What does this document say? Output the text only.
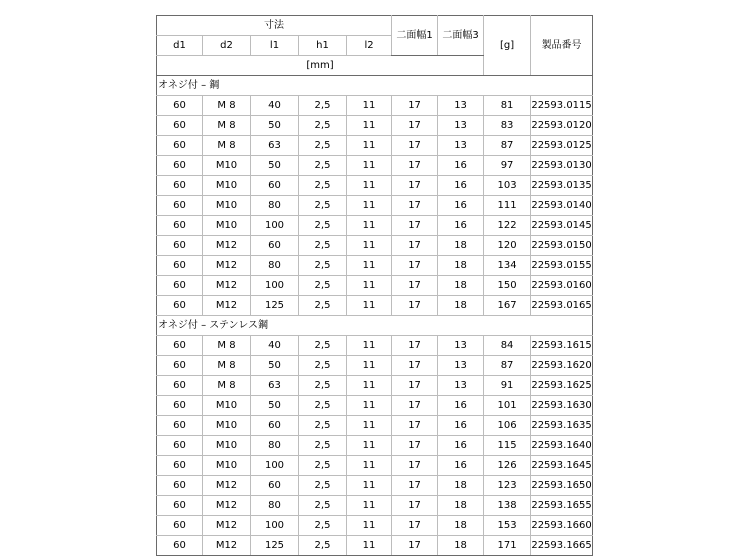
寸法					二面幅1	二面幅3	[g]	製品番号
d1	d2	l1	h1	l2				
[mm]								
オネジ付 – 鋼								
60	M 8	40	2,5	11	17	13	81	22593.0115
60	M 8	50	2,5	11	17	13	83	22593.0120
60	M 8	63	2,5	11	17	13	87	22593.0125
60	M10	50	2,5	11	17	16	97	22593.0130
60	M10	60	2,5	11	17	16	103	22593.0135
60	M10	80	2,5	11	17	16	111	22593.0140
60	M10	100	2,5	11	17	16	122	22593.0145
60	M12	60	2,5	11	17	18	120	22593.0150
60	M12	80	2,5	11	17	18	134	22593.0155
60	M12	100	2,5	11	17	18	150	22593.0160
60	M12	125	2,5	11	17	18	167	22593.0165
オネジ付 – ステンレス鋼								
60	M 8	40	2,5	11	17	13	84	22593.1615
60	M 8	50	2,5	11	17	13	87	22593.1620
60	M 8	63	2,5	11	17	13	91	22593.1625
60	M10	50	2,5	11	17	16	101	22593.1630
60	M10	60	2,5	11	17	16	106	22593.1635
60	M10	80	2,5	11	17	16	115	22593.1640
60	M10	100	2,5	11	17	16	126	22593.1645
60	M12	60	2,5	11	17	18	123	22593.1650
60	M12	80	2,5	11	17	18	138	22593.1655
60	M12	100	2,5	11	17	18	153	22593.1660
60	M12	125	2,5	11	17	18	171	22593.1665
